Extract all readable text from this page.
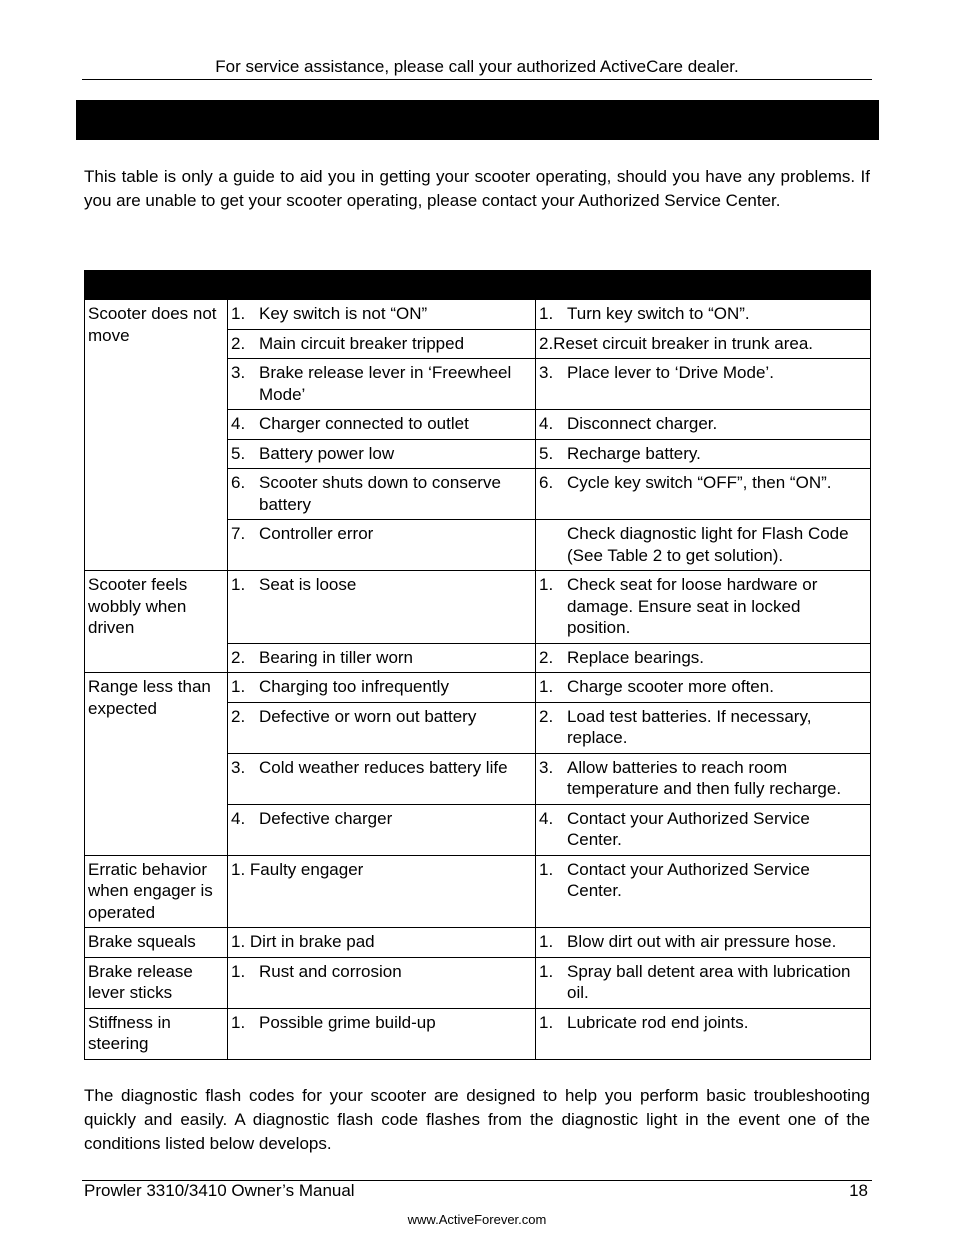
For service assistance, please call your authorized ActiveCare dealer.
This table is only a guide to aid you in getting your scooter operating, should you have any problems. If you are unable to get your scooter operating, please contact your Authorized Service Center.

Scooter does not move	1. Key switch is not “ON”	1. Turn key switch to “ON”.

	2. Main circuit breaker tripped	2.Reset circuit breaker in trunk area.

	3. Brake release lever in ‘Freewheel Mode’	3. Place lever to ‘Drive Mode’.

	4. Charger connected to outlet	4. Disconnect charger.

	5. Battery power low	5. Recharge battery.

	6. Scooter shuts down to conserve battery	6. Cycle key switch “OFF”, then “ON”.

	7. Controller error	Check diagnostic light for Flash Code (See Table 2 to get solution).

Scooter feels wobbly when driven	1. Seat is loose	1. Check seat for loose hardware or damage. Ensure seat in locked position.

	2. Bearing in tiller worn	2. Replace bearings.

Range less than expected	1. Charging too infrequently	1. Charge scooter more often.

	2. Defective or worn out battery	2. Load test batteries. If necessary, replace.

	3. Cold weather reduces battery life	3. Allow batteries to reach room temperature and then fully recharge.

	4. Defective charger	4. Contact your Authorized Service Center.

Erratic behavior when engager is operated	1. Faulty engager	1. Contact your Authorized Service Center.

Brake squeals	1. Dirt in brake pad	1. Blow dirt out with air pressure hose.

Brake release lever sticks	1. Rust and corrosion	1. Spray ball detent area with lubrication oil.

Stiffness in steering	1. Possible grime build-up	1. Lubricate rod end joints.
The diagnostic flash codes for your scooter are designed to help you perform basic troubleshooting quickly and easily. A diagnostic flash code flashes from the diagnostic light in the event one of the conditions listed below develops.
Prowler 3310/3410 Owner’s Manual	18
www.ActiveForever.com
